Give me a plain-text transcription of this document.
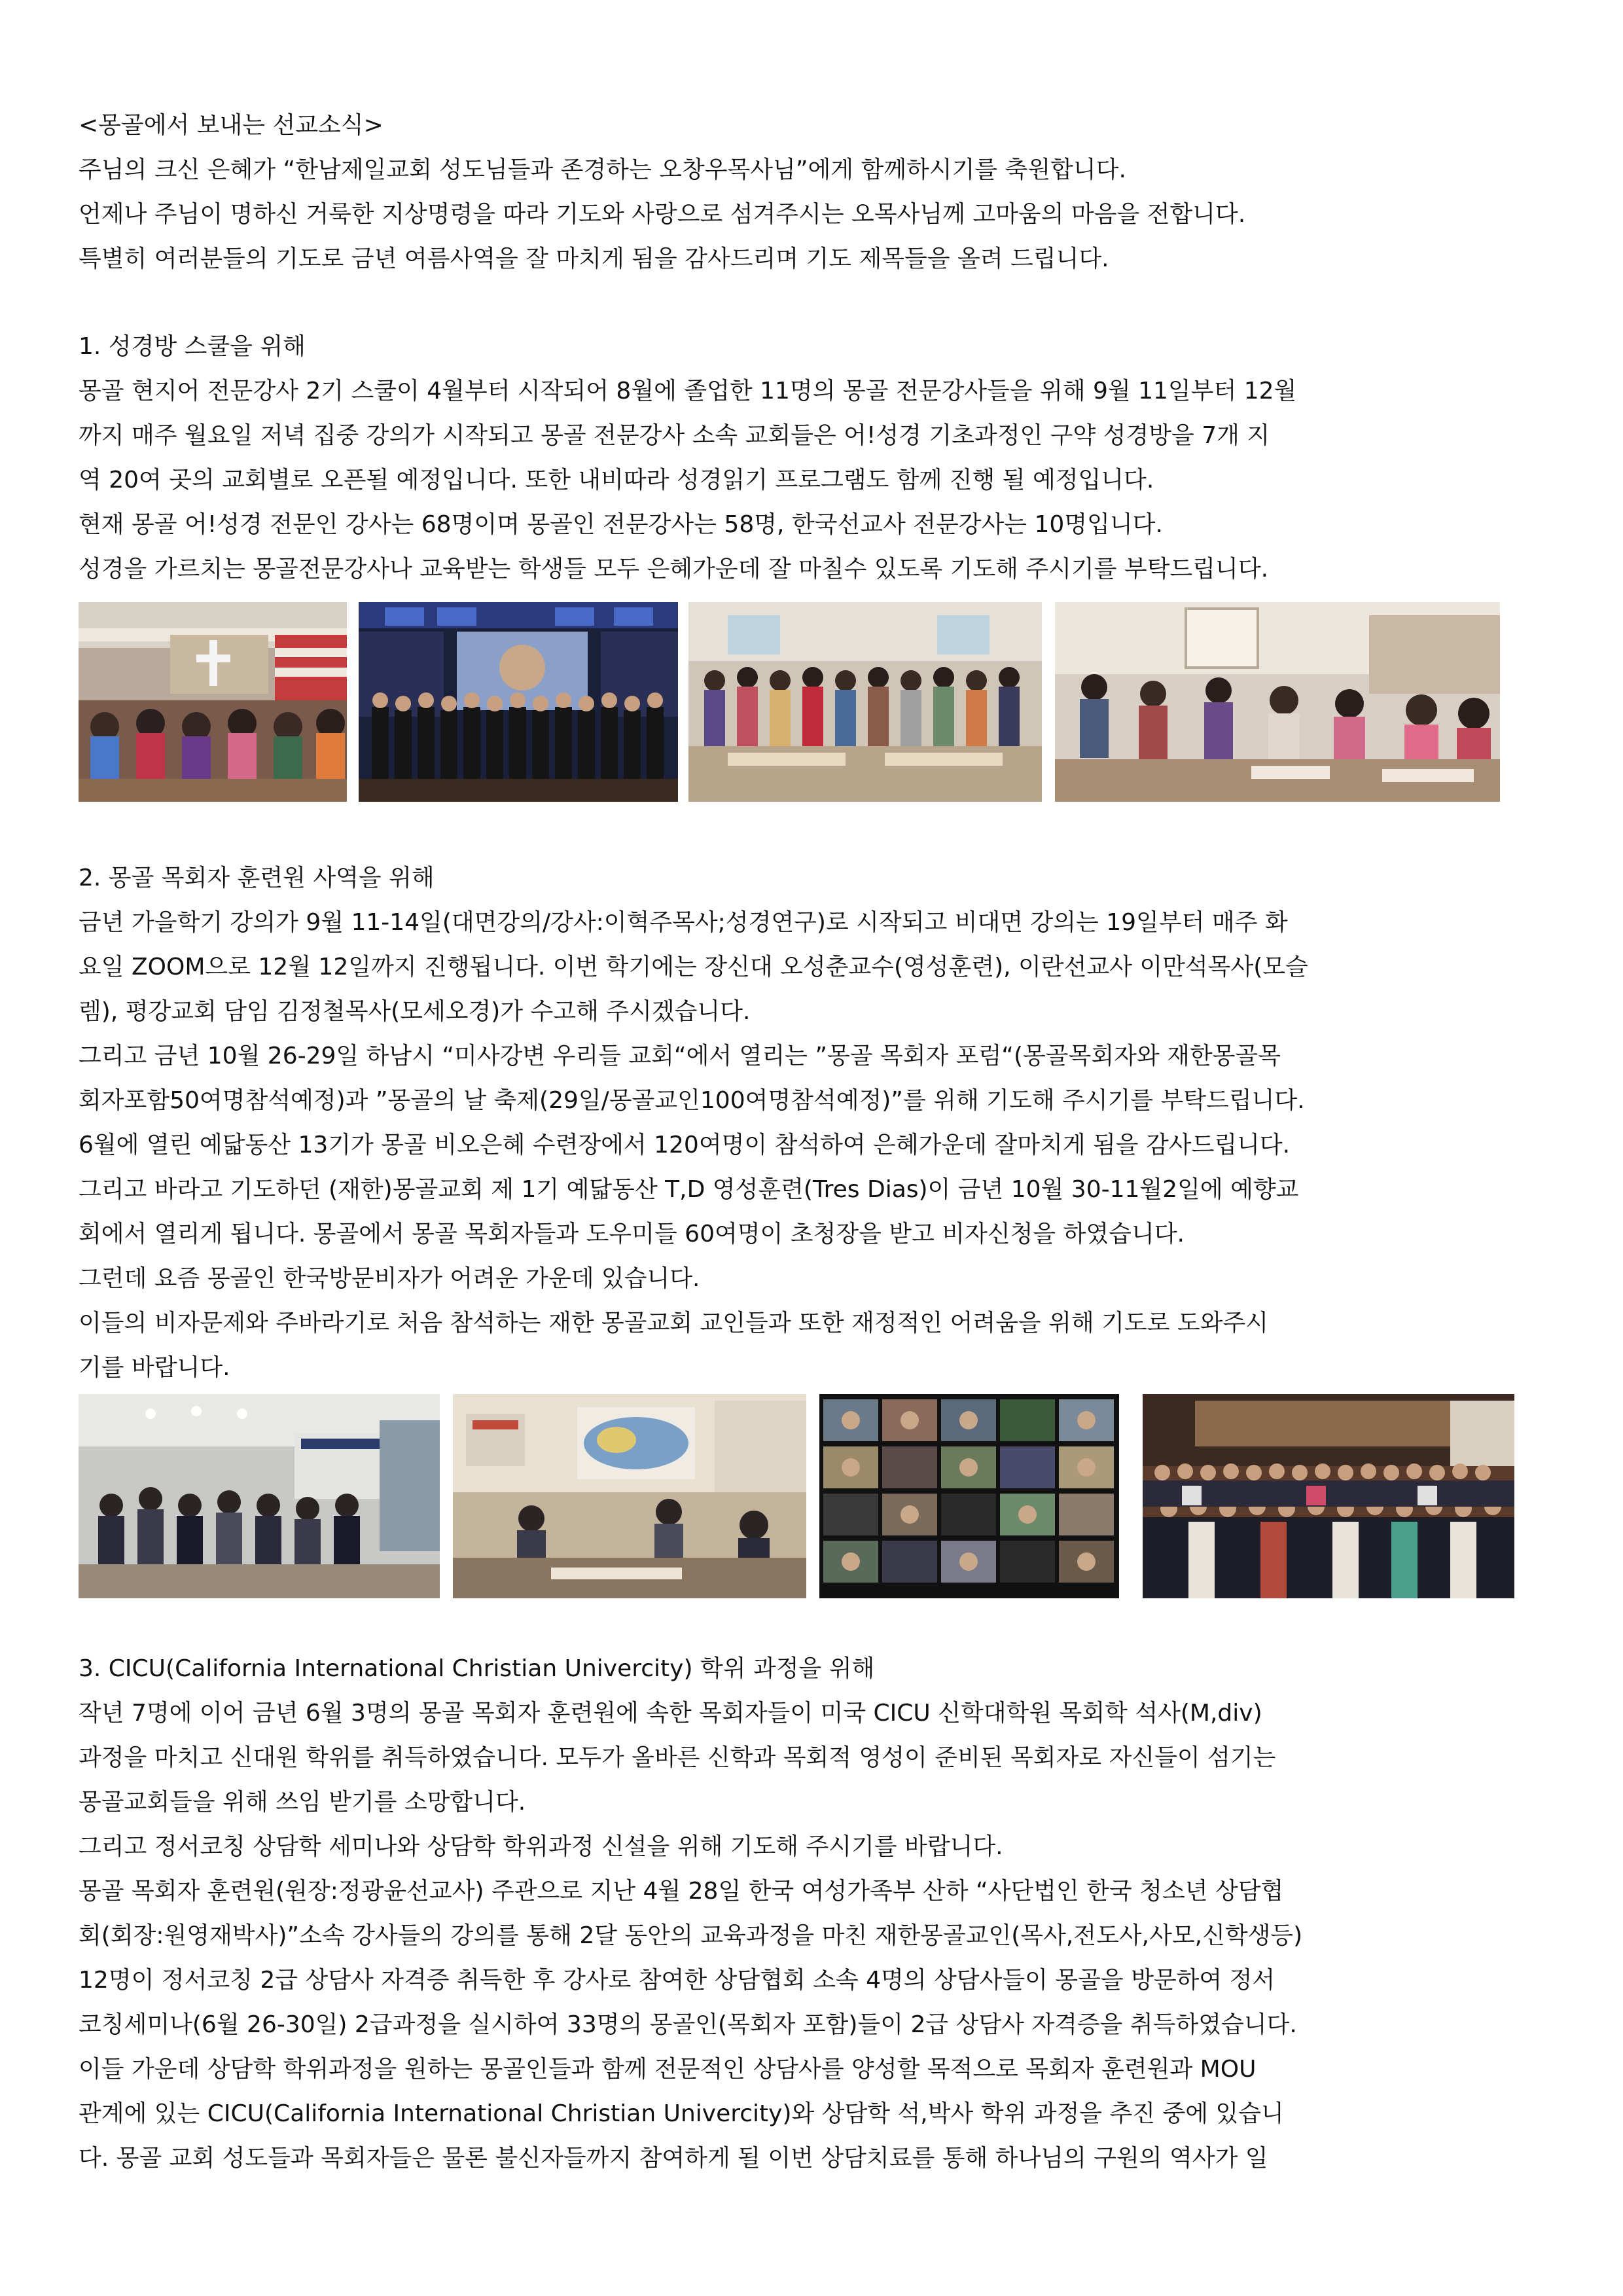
<몽골에서 보내는 선교소식>
주님의 크신 은혜가 “한남제일교회 성도님들과 존경하는 오창우목사님”에게 함께하시기를 축원합니다.
언제나 주님이 명하신 거룩한 지상명령을 따라 기도와 사랑으로 섬겨주시는 오목사님께 고마움의 마음을 전합니다.
특별히 여러분들의 기도로 금년 여름사역을 잘 마치게 됨을 감사드리며 기도 제목들을 올려 드립니다.
1. 성경방 스쿨을 위해
몽골 현지어 전문강사 2기 스쿨이 4월부터 시작되어 8월에 졸업한 11명의 몽골 전문강사들을 위해 9월 11일부터 12월
까지 매주 월요일 저녁 집중 강의가 시작되고 몽골 전문강사 소속 교회들은 어!성경 기초과정인 구약 성경방을 7개 지
역 20여 곳의 교회별로 오픈될 예정입니다. 또한 내비따라 성경읽기 프로그램도 함께 진행 될 예정입니다.
현재 몽골 어!성경 전문인 강사는 68명이며 몽골인 전문강사는 58명, 한국선교사 전문강사는 10명입니다.
성경을 가르치는 몽골전문강사나 교육받는 학생들 모두 은혜가운데 잘 마칠수 있도록 기도해 주시기를 부탁드립니다.
2. 몽골 목회자 훈련원 사역을 위해
금년 가을학기 강의가 9월 11-14일(대면강의/강사:이혁주목사;성경연구)로 시작되고 비대면 강의는 19일부터 매주 화
요일 ZOOM으로 12월 12일까지 진행됩니다. 이번 학기에는 장신대 오성춘교수(영성훈련), 이란선교사 이만석목사(모슬
렘), 평강교회 담임 김정철목사(모세오경)가 수고해 주시겠습니다.
그리고 금년 10월 26-29일 하남시 “미사강변 우리들 교회“에서 열리는 ”몽골 목회자 포럼“(몽골목회자와 재한몽골목
회자포함50여명참석예정)과 ”몽골의 날 축제(29일/몽골교인100여명참석예정)”를 위해 기도해 주시기를 부탁드립니다.
6월에 열린 예닯동산 13기가 몽골 비오은혜 수련장에서 120여명이 참석하여 은혜가운데 잘마치게 됨을 감사드립니다.
그리고 바라고 기도하던 (재한)몽골교회 제 1기 예닯동산 T,D 영성훈련(Tres Dias)이 금년 10월 30-11월2일에 예향교
회에서 열리게 됩니다. 몽골에서 몽골 목회자들과 도우미들 60여명이 초청장을 받고 비자신청을 하였습니다.
그런데 요즘 몽골인 한국방문비자가 어려운 가운데 있습니다.
이들의 비자문제와 주바라기로 처음 참석하는 재한 몽골교회 교인들과 또한 재정적인 어려움을 위해 기도로 도와주시
기를 바랍니다.
3. CICU(California International Christian Univercity) 학위 과정을 위해
작년 7명에 이어 금년 6월 3명의 몽골 목회자 훈련원에 속한 목회자들이 미국 CICU 신학대학원 목회학 석사(M,div)
과정을 마치고 신대원 학위를 취득하였습니다. 모두가 올바른 신학과 목회적 영성이 준비된 목회자로 자신들이 섬기는
몽골교회들을 위해 쓰임 받기를 소망합니다.
그리고 정서코칭 상담학 세미나와 상담학 학위과정 신설을 위해 기도해 주시기를 바랍니다.
몽골 목회자 훈련원(원장:정광윤선교사) 주관으로 지난 4월 28일 한국 여성가족부 산하 “사단법인 한국 청소년 상담협
회(회장:원영재박사)”소속 강사들의 강의를 통해 2달 동안의 교육과정을 마친 재한몽골교인(목사,전도사,사모,신학생등)
12명이 정서코칭 2급 상담사 자격증 취득한 후 강사로 참여한 상담협회 소속 4명의 상담사들이 몽골을 방문하여 정서
코칭세미나(6월 26-30일) 2급과정을 실시하여 33명의 몽골인(목회자 포함)들이 2급 상담사 자격증을 취득하였습니다.
이들 가운데 상담학 학위과정을 원하는 몽골인들과 함께 전문적인 상담사를 양성할 목적으로 목회자 훈련원과 MOU
관계에 있는 CICU(California International Christian Univercity)와 상담학 석,박사 학위 과정을 추진 중에 있습니
다. 몽골 교회 성도들과 목회자들은 물론 불신자들까지 참여하게 될 이번 상담치료를 통해 하나님의 구원의 역사가 일
